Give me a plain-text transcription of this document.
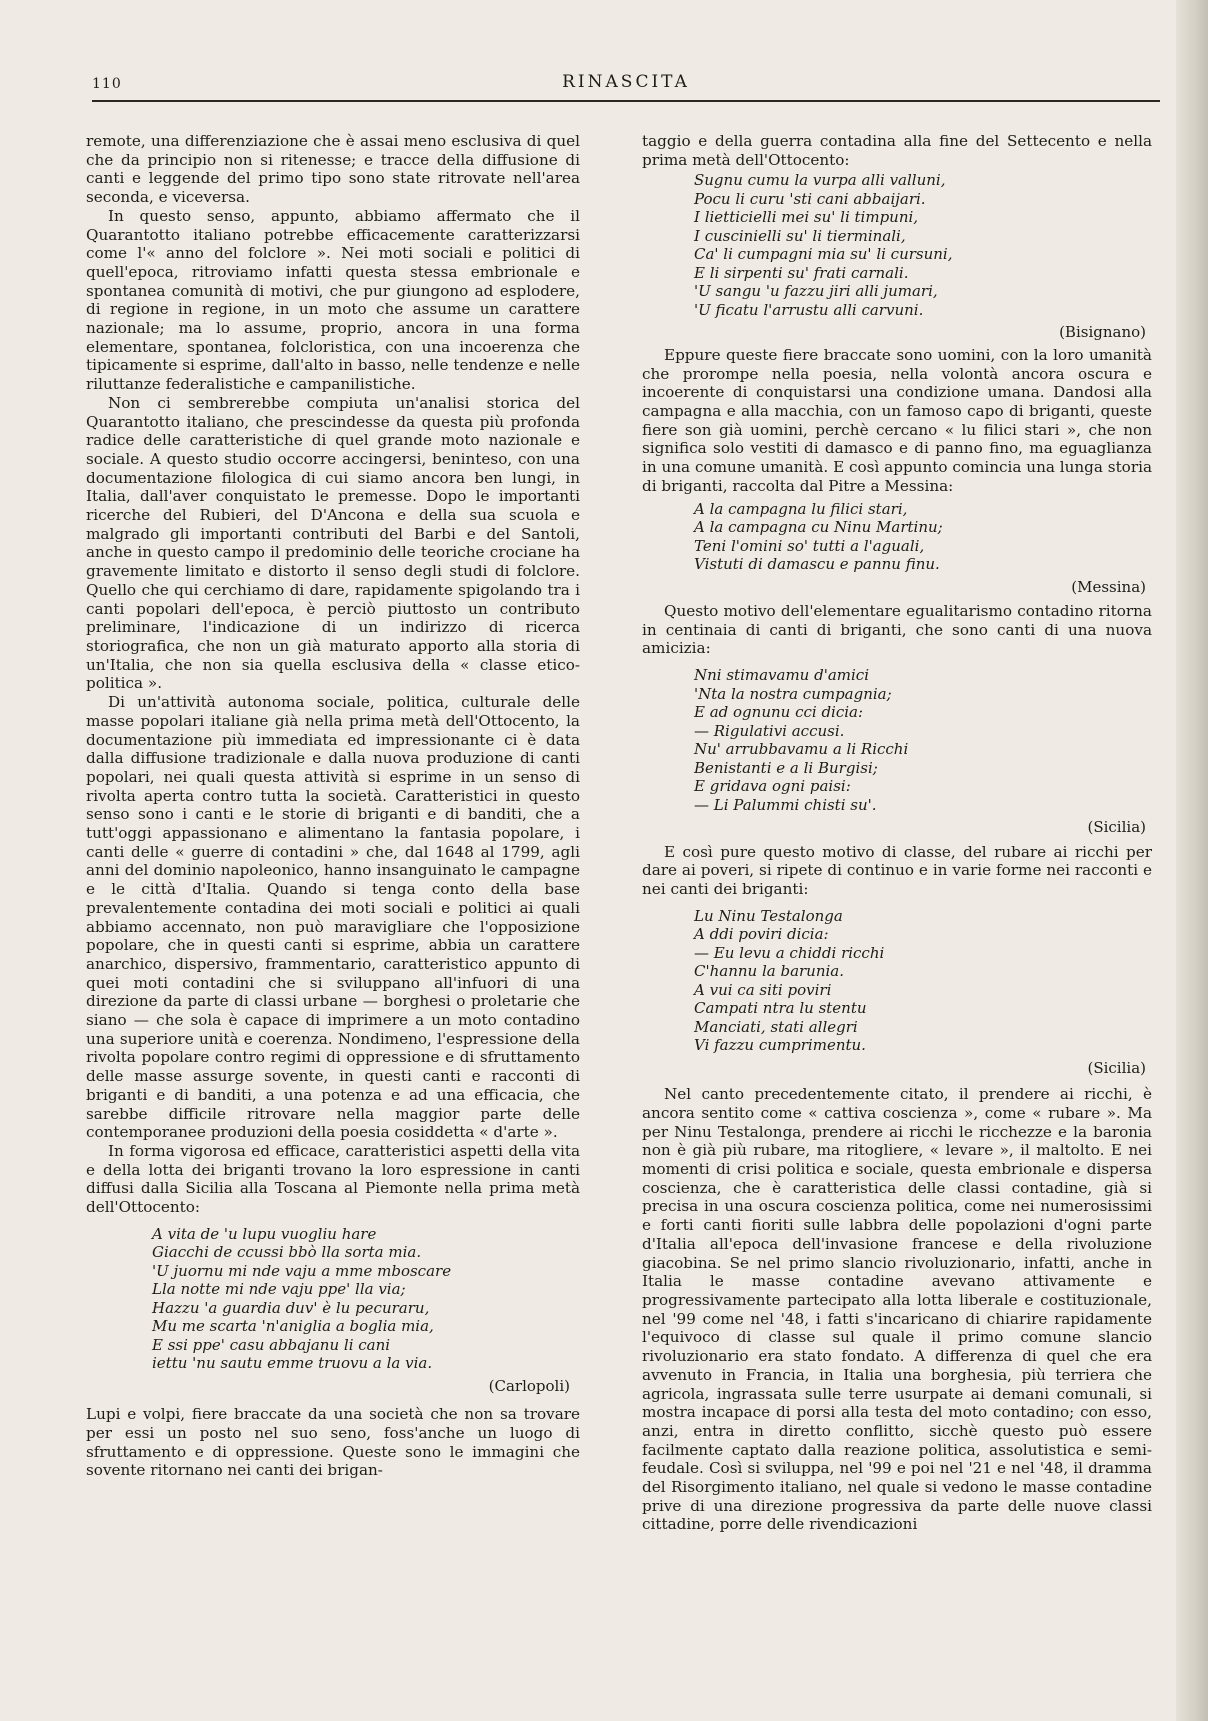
110	RINASCITA

remote, una differenziazione che è assai meno esclusiva di quel che da principio non si ritenesse; e tracce della diffusione di canti e leggende del primo tipo sono state ritrovate nell'area seconda, e viceversa.

In questo senso, appunto, abbiamo affermato che il Quarantotto italiano potrebbe efficacemente caratterizzarsi come l'« anno del folclore ». Nei moti sociali e politici di quell'epoca, ritroviamo infatti questa stessa embrionale e spontanea comunità di motivi, che pur giungono ad esplodere, di regione in regione, in un moto che assume un carattere nazionale; ma lo assume, proprio, ancora in una forma elementare, spontanea, folcloristica, con una incoerenza che tipicamente si esprime, dall'alto in basso, nelle tendenze e nelle riluttanze federalistiche e campanilistiche.

Non ci sembrerebbe compiuta un'analisi storica del Quarantotto italiano, che prescindesse da questa più profonda radice delle caratteristiche di quel grande moto nazionale e sociale. A questo studio occorre accingersi, beninteso, con una documentazione filologica di cui siamo ancora ben lungi, in Italia, dall'aver conquistato le premesse. Dopo le importanti ricerche del Rubieri, del D'Ancona e della sua scuola e malgrado gli importanti contributi del Barbi e del Santoli, anche in questo campo il predominio delle teoriche crociane ha gravemente limitato e distorto il senso degli studi di folclore. Quello che qui cerchiamo di dare, rapidamente spigolando tra i canti popolari dell'epoca, è perciò piuttosto un contributo preliminare, l'indicazione di un indirizzo di ricerca storiografica, che non un già maturato apporto alla storia di un'Italia, che non sia quella esclusiva della « classe etico-politica ».

Di un'attività autonoma sociale, politica, culturale delle masse popolari italiane già nella prima metà dell'Ottocento, la documentazione più immediata ed impressionante ci è data dalla diffusione tradizionale e dalla nuova produzione di canti popolari, nei quali questa attività si esprime in un senso di rivolta aperta contro tutta la società. Caratteristici in questo senso sono i canti e le storie di briganti e di banditi, che a tutt'oggi appassionano e alimentano la fantasia popolare, i canti delle « guerre di contadini » che, dal 1648 al 1799, agli anni del dominio napoleonico, hanno insanguinato le campagne e le città d'Italia. Quando si tenga conto della base prevalentemente contadina dei moti sociali e politici ai quali abbiamo accennato, non può maravigliare che l'opposizione popolare, che in questi canti si esprime, abbia un carattere anarchico, dispersivo, frammentario, caratteristico appunto di quei moti contadini che si sviluppano all'infuori di una direzione da parte di classi urbane — borghesi o proletarie che siano — che sola è capace di imprimere a un moto contadino una superiore unità e coerenza. Nondimeno, l'espressione della rivolta popolare contro regimi di oppressione e di sfruttamento delle masse assurge sovente, in questi canti e racconti di briganti e di banditi, a una potenza e ad una efficacia, che sarebbe difficile ritrovare nella maggior parte delle contemporanee produzioni della poesia cosiddetta « d'arte ».

In forma vigorosa ed efficace, caratteristici aspetti della vita e della lotta dei briganti trovano la loro espressione in canti diffusi dalla Sicilia alla Toscana al Piemonte nella prima metà dell'Ottocento:

A vita de 'u lupu vuogliu hare
Giacchi de ccussi bbò lla sorta mia.
'U juornu mi nde vaju a mme mboscare
Lla notte mi nde vaju ppe' lla via;
Hazzu 'a guardia duv' è lu pecuraru,
Mu me scarta 'n'aniglia a boglia mia,
E ssi ppe' casu abbajanu li cani
iettu 'nu sautu emme truovu a la via.
(Carlopoli)

Lupi e volpi, fiere braccate da una società che non sa trovare per essi un posto nel suo seno, foss'anche un luogo di sfruttamento e di oppressione. Queste sono le immagini che sovente ritornano nei canti dei brigan-

taggio e della guerra contadina alla fine del Settecento e nella prima metà dell'Ottocento:

Sugnu cumu la vurpa alli valluni,
Pocu li curu 'sti cani abbaijari.
I lietticielli mei su' li timpuni,
I cuscinielli su' li tierminali,
Ca' li cumpagni mia su' li cursuni,
E li sirpenti su' frati carnali.
'U sangu 'u fazzu jiri alli jumari,
'U ficatu l'arrustu alli carvuni.
(Bisignano)

Eppure queste fiere braccate sono uomini, con la loro umanità che prorompe nella poesia, nella volontà ancora oscura e incoerente di conquistarsi una condizione umana. Dandosi alla campagna e alla macchia, con un famoso capo di briganti, queste fiere son già uomini, perchè cercano « lu filici stari », che non significa solo vestiti di damasco e di panno fino, ma eguaglianza in una comune umanità. E così appunto comincia una lunga storia di briganti, raccolta dal Pitre a Messina:

A la campagna lu filici stari,
A la campagna cu Ninu Martinu;
Teni l'omini so' tutti a l'aguali,
Vistuti di damascu e pannu finu.
(Messina)

Questo motivo dell'elementare egualitarismo contadino ritorna in centinaia di canti di briganti, che sono canti di una nuova amicizia:

Nni stimavamu d'amici
'Nta la nostra cumpagnia;
E ad ognunu cci dicia:
— Rigulativi accusi.
Nu' arrubbavamu a li Ricchi
Benistanti e a li Burgisi;
E gridava ogni paisi:
— Li Palummi chisti su'.
(Sicilia)

E così pure questo motivo di classe, del rubare ai ricchi per dare ai poveri, si ripete di continuo e in varie forme nei racconti e nei canti dei briganti:

Lu Ninu Testalonga
A ddi poviri dicia:
— Eu levu a chiddi ricchi
C'hannu la barunia.
A vui ca siti poviri
Campati ntra lu stentu
Manciati, stati allegri
Vi fazzu cumprimentu.
(Sicilia)

Nel canto precedentemente citato, il prendere ai ricchi, è ancora sentito come « cattiva coscienza », come « rubare ». Ma per Ninu Testalonga, prendere ai ricchi le ricchezze e la baronia non è già più rubare, ma ritogliere, « levare », il maltolto. E nei momenti di crisi politica e sociale, questa embrionale e dispersa coscienza, che è caratteristica delle classi contadine, già si precisa in una oscura coscienza politica, come nei numerosissimi e forti canti fioriti sulle labbra delle popolazioni d'ogni parte d'Italia all'epoca dell'invasione francese e della rivoluzione giacobina. Se nel primo slancio rivoluzionario, infatti, anche in Italia le masse contadine avevano attivamente e progressivamente partecipato alla lotta liberale e costituzionale, nel '99 come nel '48, i fatti s'incaricano di chiarire rapidamente l'equivoco di classe sul quale il primo comune slancio rivoluzionario era stato fondato. A differenza di quel che era avvenuto in Francia, in Italia una borghesia, più terriera che agricola, ingrassata sulle terre usurpate ai demani comunali, si mostra incapace di porsi alla testa del moto contadino; con esso, anzi, entra in diretto conflitto, sicchè questo può essere facilmente captato dalla reazione politica, assolutistica e semi-feudale. Così si sviluppa, nel '99 e poi nel '21 e nel '48, il dramma del Risorgimento italiano, nel quale si vedono le masse contadine prive di una direzione progressiva da parte delle nuove classi cittadine, porre delle rivendicazioni
